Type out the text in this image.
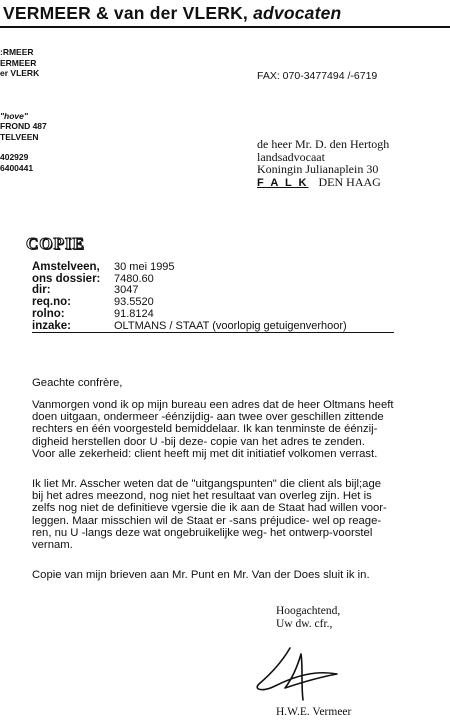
VERMEER & van der VLERK, advocaten
:RMEER
ERMEER
er VLERK
"hove"
FROND 487
TELVEEN
402929
6400441
FAX: 070-3477494 /-6719
de heer Mr. D. den Hertogh
landsadvocaat
Koningin Julianaplein 30
F A L K DEN HAAG
COPIE
Amstelveen,	30 mei 1995
ons dossier:	7480.60
dir:	3047
req.no:	93.5520
rolno:	91.8124
inzake:	OLTMANS / STAAT (voorlopig getuigenverhoor)
Geachte confrère,
Vanmorgen vond ik op mijn bureau een adres dat de heer Oltmans heeft
doen uitgaan, ondermeer -éénzijdig- aan twee over geschillen zittende
rechters en één voorgesteld bemiddelaar. Ik kan tenminste de éénzij-
digheid herstellen door U -bij deze- copie van het adres te zenden.
Voor alle zekerheid: client heeft mij met dit initiatief volkomen verrast.
Ik liet Mr. Asscher weten dat de "uitgangspunten" die client als bijl;age
bij het adres meezond, nog niet het resultaat van overleg zijn. Het is
zelfs nog niet de definitieve vgersie die ik aan de Staat had willen voor-
leggen. Maar misschien wil de Staat er -sans préjudice- wel op reage-
ren, nu U -langs deze wat ongebruikelijke weg- het ontwerp-voorstel
vernam.
Copie van mijn brieven aan Mr. Punt en Mr. Van der Does sluit ik in.
Hoogachtend,
Uw dw. cfr.,
H.W.E. Vermeer
